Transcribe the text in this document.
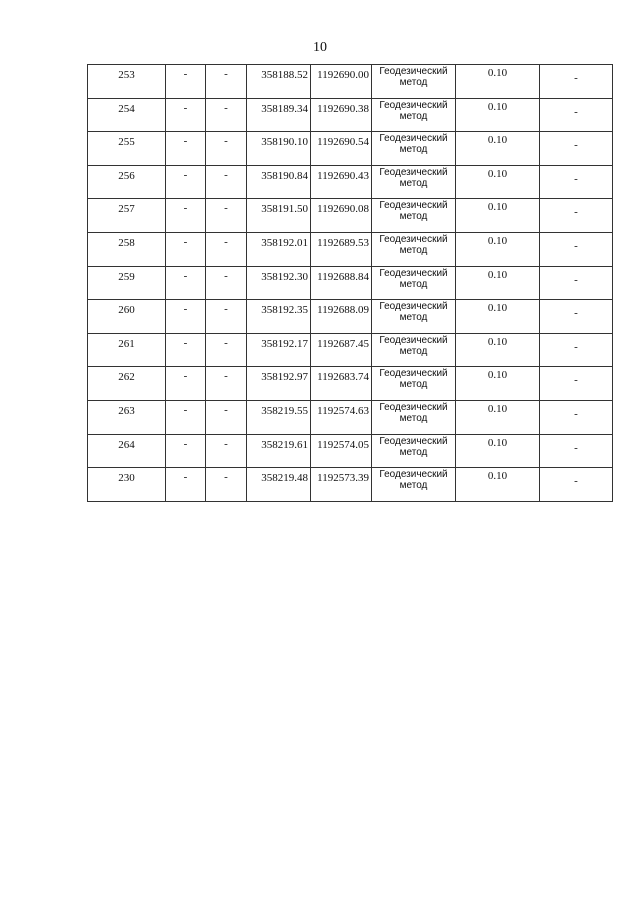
10
253	-	-	358188.52	1192690.00	Геодезический метод	0.10	-
254	-	-	358189.34	1192690.38	Геодезический метод	0.10	-
255	-	-	358190.10	1192690.54	Геодезический метод	0.10	-
256	-	-	358190.84	1192690.43	Геодезический метод	0.10	-
257	-	-	358191.50	1192690.08	Геодезический метод	0.10	-
258	-	-	358192.01	1192689.53	Геодезический метод	0.10	-
259	-	-	358192.30	1192688.84	Геодезический метод	0.10	-
260	-	-	358192.35	1192688.09	Геодезический метод	0.10	-
261	-	-	358192.17	1192687.45	Геодезический метод	0.10	-
262	-	-	358192.97	1192683.74	Геодезический метод	0.10	-
263	-	-	358219.55	1192574.63	Геодезический метод	0.10	-
264	-	-	358219.61	1192574.05	Геодезический метод	0.10	-
230	-	-	358219.48	1192573.39	Геодезический метод	0.10	-
